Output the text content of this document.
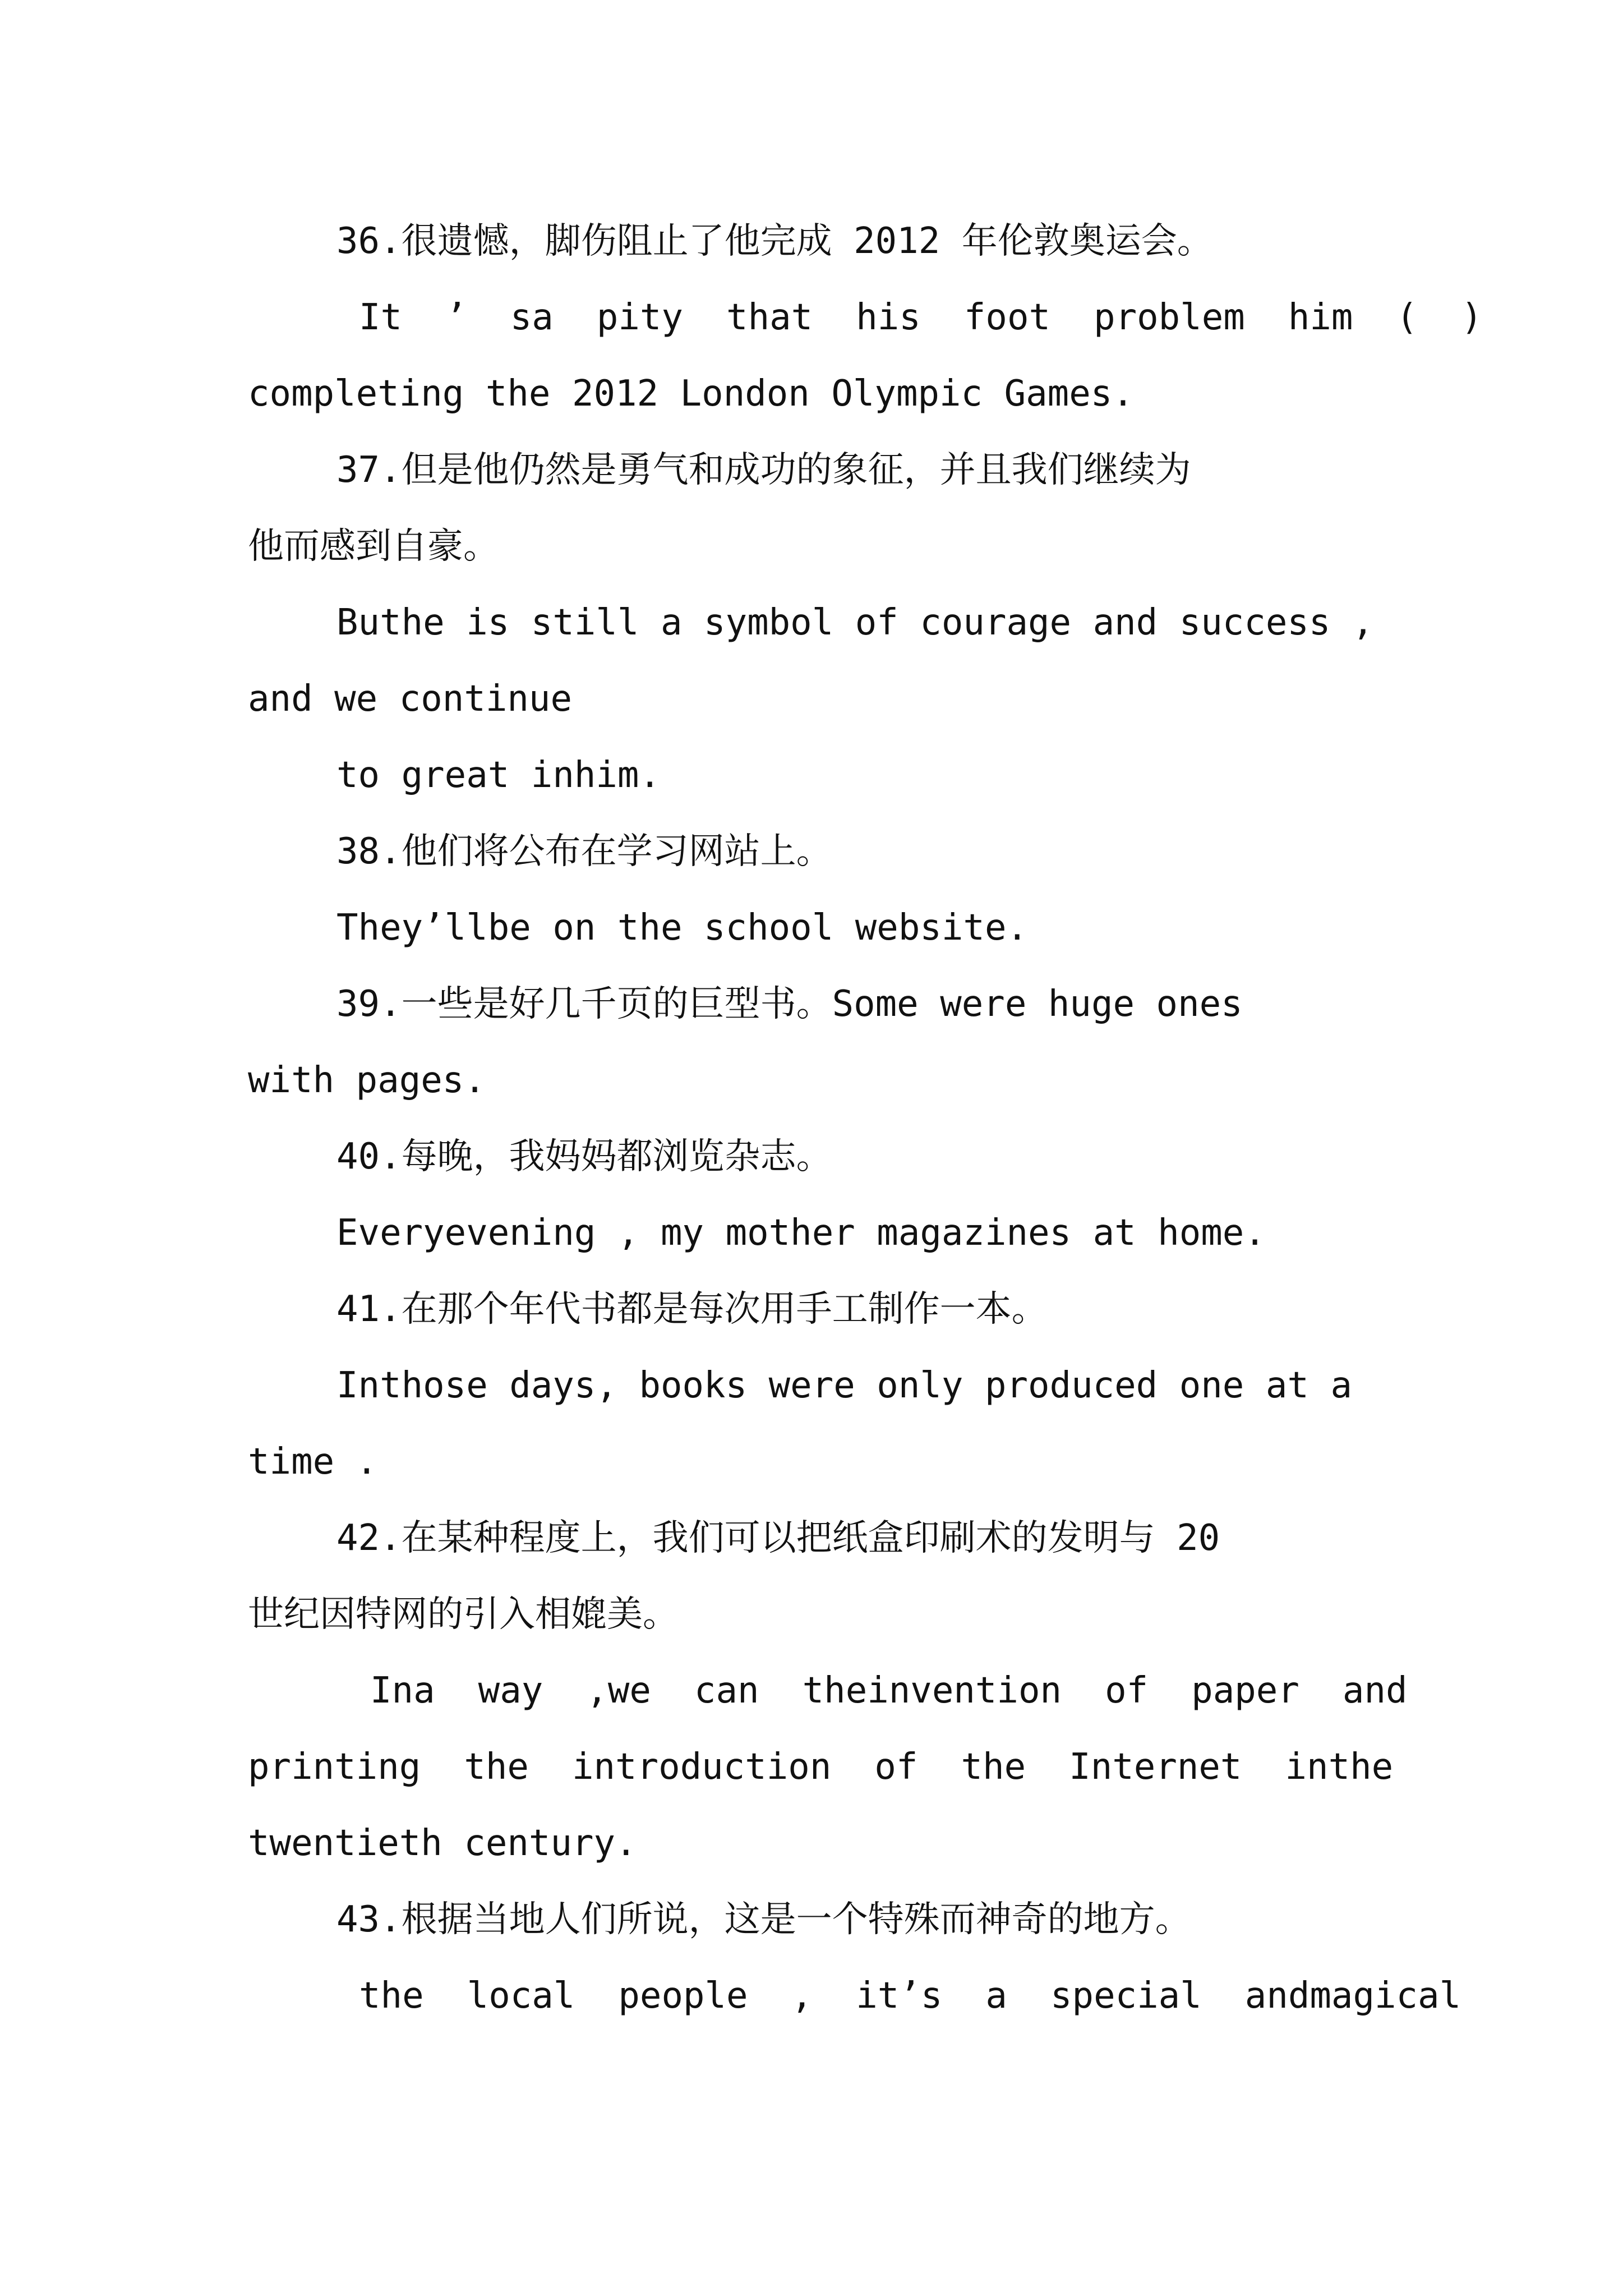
36.很遗憾，脚伤阻止了他完成 2012 年伦敦奥运会。
It  ’  sa  pity  that  his  foot  problem  him  (  )
completing the 2012 London Olympic Games.
37.但是他仍然是勇气和成功的象征，并且我们继续为
他而感到自豪。
Buthe is still a symbol of courage and success ,
and we continue
to great inhim.
38.他们将公布在学习网站上。
They’llbe on the school website.
39.一些是好几千页的巨型书。Some were huge ones
with pages.
40.每晚，我妈妈都浏览杂志。
Everyevening , my mother magazines at home.
41.在那个年代书都是每次用手工制作一本。
Inthose days, books were only produced one at a
time .
42.在某种程度上，我们可以把纸盒印刷术的发明与 20
世纪因特网的引入相媲美。
Ina  way  ,we  can  theinvention  of  paper  and
printing  the  introduction  of  the  Internet  inthe
twentieth century.
43.根据当地人们所说，这是一个特殊而神奇的地方。
the  local  people  ,  it’s  a  special  andmagical
